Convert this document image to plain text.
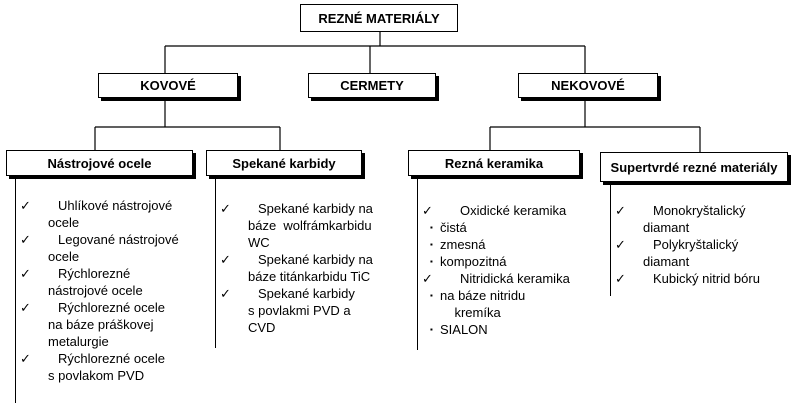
REZNÉ MATERIÁLY
KOVOVÉ	CERMETY	NEKOVOVÉ
Nástrojové ocele	Spekané karbidy	Rezná keramika	Supertvrdé rezné materiály
✓	Uhlíkové nástrojové
ocele
✓	Legované nástrojové
ocele
✓	Rýchlorezné
nástrojové ocele
✓	Rýchlorezné ocele
na báze práškovej
metalurgie
✓	Rýchlorezné ocele
s povlakom PVD
✓	Spekané karbidy na
báze  wolfrámkarbidu
WC
✓	Spekané karbidy na
báze titánkarbidu TiC
✓	Spekané karbidy
s povlakmi PVD a
CVD
✓	Oxidické keramika
▪ čistá
▪ zmesná
▪ kompozitná
✓	Nitridická keramika
▪ na báze nitridu
kremíka
▪ SIALON
✓	Monokryštalický
diamant
✓	Polykryštalický
diamant
✓	Kubický nitrid bóru
